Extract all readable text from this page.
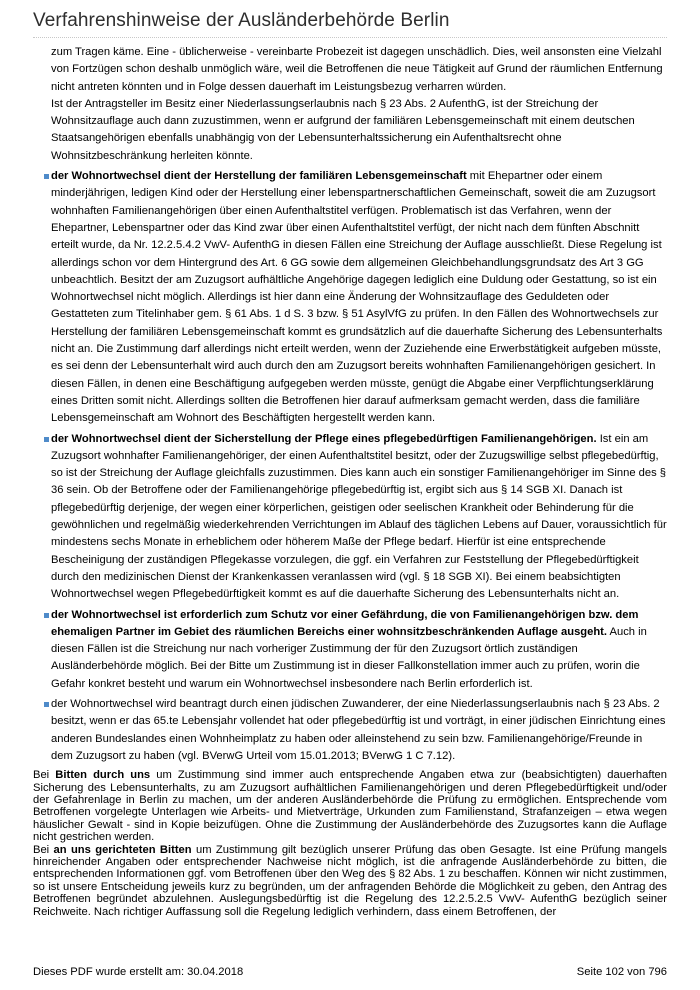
Verfahrenshinweise der Ausländerbehörde Berlin
zum Tragen käme. Eine - üblicherweise - vereinbarte Probezeit ist dagegen unschädlich. Dies, weil ansonsten eine Vielzahl von Fortzügen schon deshalb unmöglich wäre, weil die Betroffenen die neue Tätigkeit auf Grund der räumlichen Entfernung nicht antreten könnten und in Folge dessen dauerhaft im Leistungsbezug verharren würden.
Ist der Antragsteller im Besitz einer Niederlassungserlaubnis nach § 23 Abs. 2 AufenthG, ist der Streichung der Wohnsitzauflage auch dann zuzustimmen, wenn er aufgrund der familiären Lebensgemeinschaft mit einem deutschen Staatsangehörigen ebenfalls unabhängig von der Lebensunterhaltssicherung ein Aufenthaltsrecht ohne Wohnsitzbeschränkung herleiten könnte.
der Wohnortwechsel dient der Herstellung der familiären Lebensgemeinschaft mit Ehepartner oder einem minderjährigen, ledigen Kind oder der Herstellung einer lebenspartnerschaftlichen Gemeinschaft, soweit die am Zuzugsort wohnhaften Familienangehörigen über einen Aufenthaltstitel verfügen. Problematisch ist das Verfahren, wenn der Ehepartner, Lebenspartner oder das Kind zwar über einen Aufenthaltstitel verfügt, der nicht nach dem fünften Abschnitt erteilt wurde, da Nr. 12.2.5.4.2 VwV- AufenthG in diesen Fällen eine Streichung der Auflage ausschließt. Diese Regelung ist allerdings schon vor dem Hintergrund des Art. 6 GG sowie dem allgemeinen Gleichbehandlungsgrundsatz des Art 3 GG unbeachtlich. Besitzt der am Zuzugsort aufhältliche Angehörige dagegen lediglich eine Duldung oder Gestattung, so ist ein Wohnortwechsel nicht möglich. Allerdings ist hier dann eine Änderung der Wohnsitzauflage des Geduldeten oder Gestatteten zum Titelinhaber gem. § 61 Abs. 1 d S. 3 bzw. § 51 AsylVfG zu prüfen. In den Fällen des Wohnortwechsels zur Herstellung der familiären Lebensgemeinschaft kommt es grundsätzlich auf die dauerhafte Sicherung des Lebensunterhalts nicht an. Die Zustimmung darf allerdings nicht erteilt werden, wenn der Zuziehende eine Erwerbstätigkeit aufgeben müsste, es sei denn der Lebensunterhalt wird auch durch den am Zuzugsort bereits wohnhaften Familienangehörigen gesichert. In diesen Fällen, in denen eine Beschäftigung aufgegeben werden müsste, genügt die Abgabe einer Verpflichtungserklärung eines Dritten somit nicht. Allerdings sollten die Betroffenen hier darauf aufmerksam gemacht werden, dass die familiäre Lebensgemeinschaft am Wohnort des Beschäftigten hergestellt werden kann.
der Wohnortwechsel dient der Sicherstellung der Pflege eines pflegebedürftigen Familienangehörigen. Ist ein am Zuzugsort wohnhafter Familienangehöriger, der einen Aufenthaltstitel besitzt, oder der Zuzugswillige selbst pflegebedürftig, so ist der Streichung der Auflage gleichfalls zuzustimmen. Dies kann auch ein sonstiger Familienangehöriger im Sinne des § 36 sein. Ob der Betroffene oder der Familienangehörige pflegebedürftig ist, ergibt sich aus § 14 SGB XI. Danach ist pflegebedürftig derjenige, der wegen einer körperlichen, geistigen oder seelischen Krankheit oder Behinderung für die gewöhnlichen und regelmäßig wiederkehrenden Verrichtungen im Ablauf des täglichen Lebens auf Dauer, voraussichtlich für mindestens sechs Monate in erheblichem oder höherem Maße der Pflege bedarf. Hierfür ist eine entsprechende Bescheinigung der zuständigen Pflegekasse vorzulegen, die ggf. ein Verfahren zur Feststellung der Pflegebedürftigkeit durch den medizinischen Dienst der Krankenkassen veranlassen wird (vgl. § 18 SGB XI). Bei einem beabsichtigten Wohnortwechsel wegen Pflegebedürftigkeit kommt es auf die dauerhafte Sicherung des Lebensunterhalts nicht an.
der Wohnortwechsel ist erforderlich zum Schutz vor einer Gefährdung, die von Familienangehörigen bzw. dem ehemaligen Partner im Gebiet des räumlichen Bereichs einer wohnsitzbeschränkenden Auflage ausgeht. Auch in diesen Fällen ist die Streichung nur nach vorheriger Zustimmung der für den Zuzugsort örtlich zuständigen Ausländerbehörde möglich. Bei der Bitte um Zustimmung ist in dieser Fallkonstellation immer auch zu prüfen, worin die Gefahr konkret besteht und warum ein Wohnortwechsel insbesondere nach Berlin erforderlich ist.
der Wohnortwechsel wird beantragt durch einen jüdischen Zuwanderer, der eine Niederlassungserlaubnis nach § 23 Abs. 2 besitzt, wenn er das 65.te Lebensjahr vollendet hat oder pflegebedürftig ist und vorträgt, in einer jüdischen Einrichtung eines anderen Bundeslandes einen Wohnheimplatz zu haben oder alleinstehend zu sein bzw. Familienangehörige/Freunde in dem Zuzugsort zu haben (vgl. BVerwG Urteil vom 15.01.2013; BVerwG 1 C 7.12).
Bei Bitten durch uns um Zustimmung sind immer auch entsprechende Angaben etwa zur (beabsichtigten) dauerhaften Sicherung des Lebensunterhalts, zu am Zuzugsort aufhältlichen Familienangehörigen und deren Pflegebedürftigkeit und/oder der Gefahrenlage in Berlin zu machen, um der anderen Ausländerbehörde die Prüfung zu ermöglichen. Entsprechende vom Betroffenen vorgelegte Unterlagen wie Arbeits- und Mietverträge, Urkunden zum Familienstand, Strafanzeigen – etwa wegen häuslicher Gewalt - sind in Kopie beizufügen. Ohne die Zustimmung der Ausländerbehörde des Zuzugsortes kann die Auflage nicht gestrichen werden.
Bei an uns gerichteten Bitten um Zustimmung gilt bezüglich unserer Prüfung das oben Gesagte. Ist eine Prüfung mangels hinreichender Angaben oder entsprechender Nachweise nicht möglich, ist die anfragende Ausländerbehörde zu bitten, die entsprechenden Informationen ggf. vom Betroffenen über den Weg des § 82 Abs. 1 zu beschaffen. Können wir nicht zustimmen, so ist unsere Entscheidung jeweils kurz zu begründen, um der anfragenden Behörde die Möglichkeit zu geben, den Antrag des Betroffenen begründet abzulehnen. Auslegungsbedürftig ist die Regelung des 12.2.5.2.5 VwV- AufenthG bezüglich seiner Reichweite. Nach richtiger Auffassung soll die Regelung lediglich verhindern, dass einem Betroffenen, der
Dieses PDF wurde erstellt am: 30.04.2018	Seite 102 von 796
